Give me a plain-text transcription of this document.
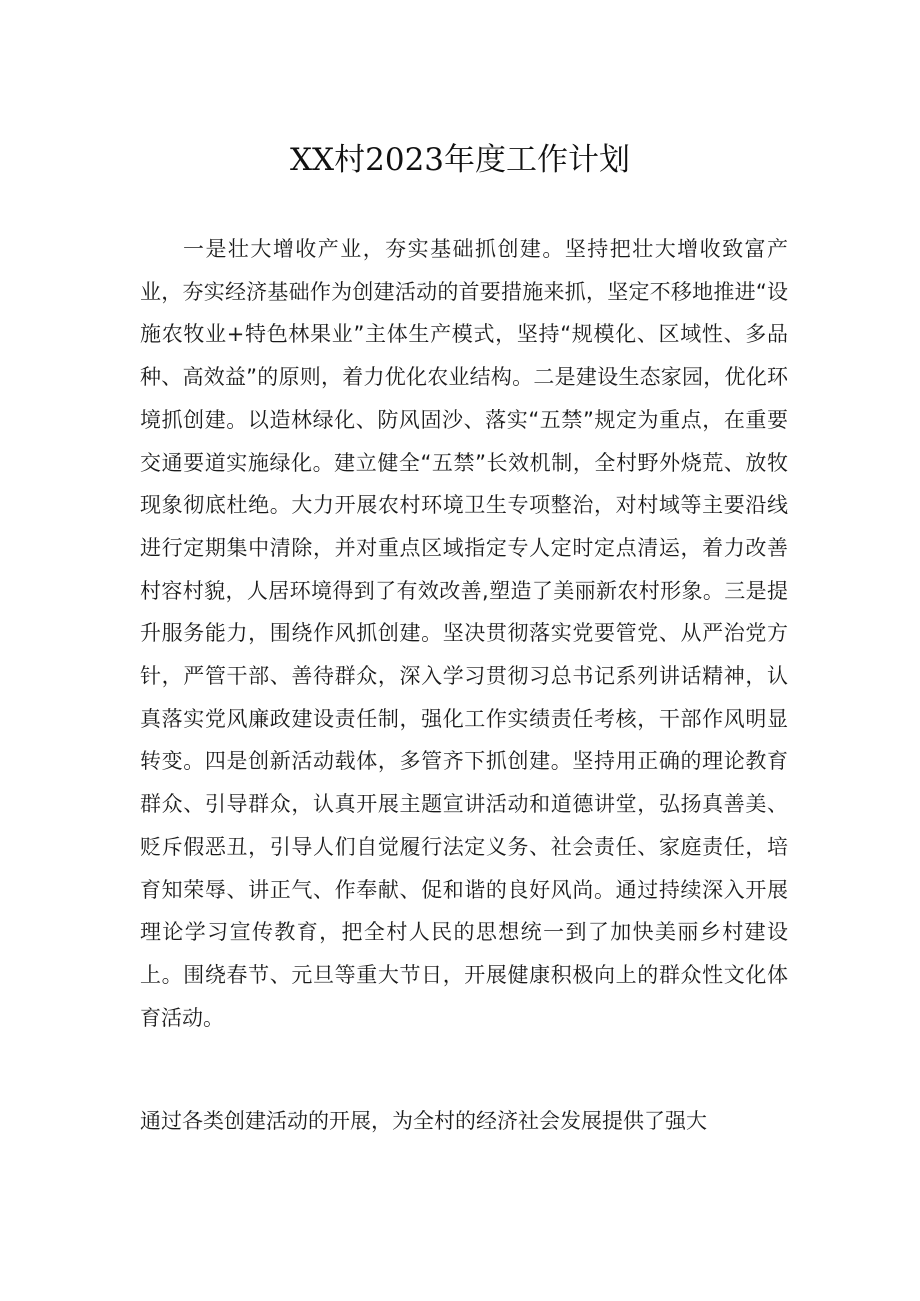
XX村2023年度工作计划

一是壮大增收产业，夯实基础抓创建。坚持把壮大增收致富产业，夯实经济基础作为创建活动的首要措施来抓，坚定不移地推进“设施农牧业+特色林果业”主体生产模式，坚持“规模化、区域性、多品种、高效益”的原则，着力优化农业结构。二是建设生态家园，优化环境抓创建。以造林绿化、防风固沙、落实“五禁”规定为重点，在重要交通要道实施绿化。建立健全“五禁”长效机制，全村野外烧荒、放牧现象彻底杜绝。大力开展农村环境卫生专项整治，对村域等主要沿线进行定期集中清除，并对重点区域指定专人定时定点清运，着力改善村容村貌，人居环境得到了有效改善,塑造了美丽新农村形象。三是提升服务能力，围绕作风抓创建。坚决贯彻落实党要管党、从严治党方针，严管干部、善待群众，深入学习贯彻习总书记系列讲话精神，认真落实党风廉政建设责任制，强化工作实绩责任考核，干部作风明显转变。四是创新活动载体，多管齐下抓创建。坚持用正确的理论教育群众、引导群众，认真开展主题宣讲活动和道德讲堂，弘扬真善美、贬斥假恶丑，引导人们自觉履行法定义务、社会责任、家庭责任，培育知荣辱、讲正气、作奉献、促和谐的良好风尚。通过持续深入开展理论学习宣传教育，把全村人民的思想统一到了加快美丽乡村建设上。围绕春节、元旦等重大节日，开展健康积极向上的群众性文化体育活动。

通过各类创建活动的开展，为全村的经济社会发展提供了强大
